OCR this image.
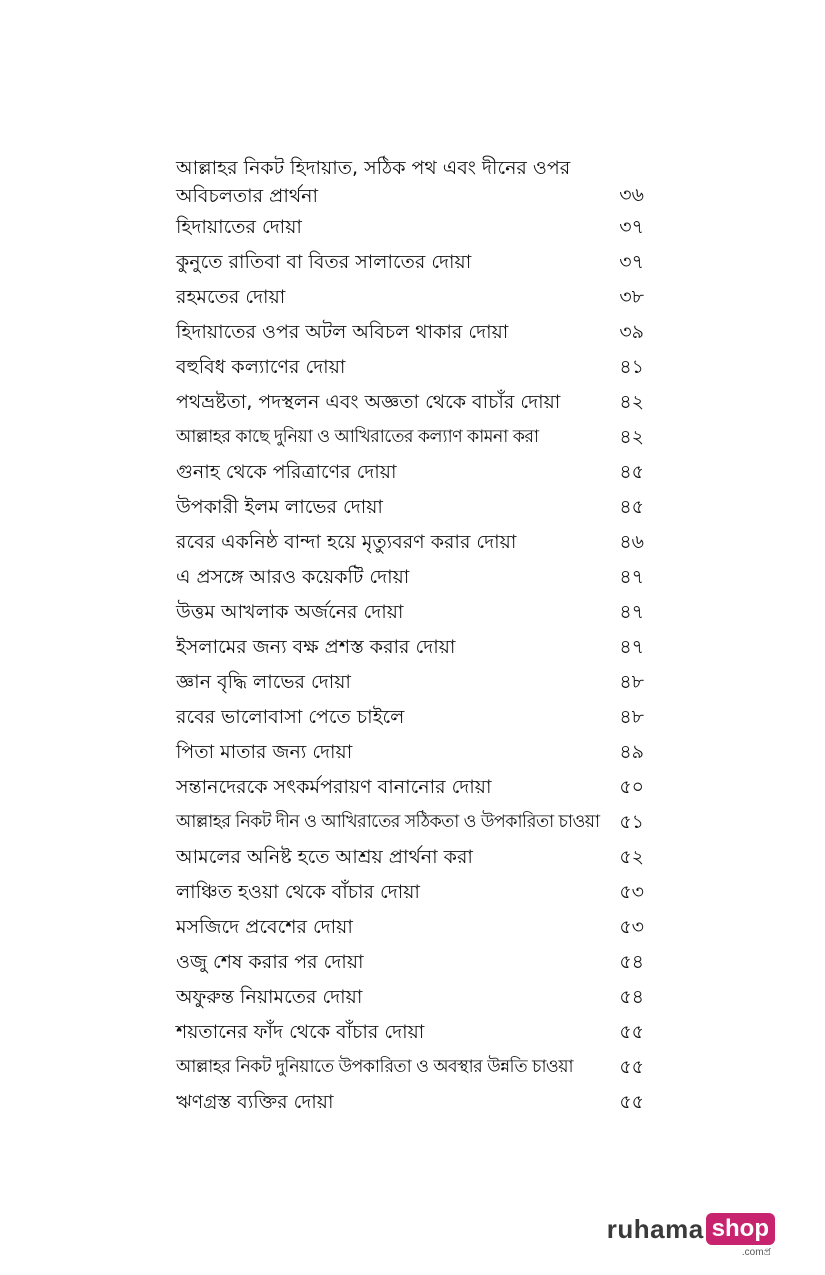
আল্লাহর নিকট হিদায়াত, সঠিক পথ এবং দীনের ওপর অবিচলতার প্রার্থনা	৩৬
হিদায়াতের দোয়া	৩৭
কুনুতে রাতিবা বা বিতর সালাতের দোয়া	৩৭
রহমতের দোয়া	৩৮
হিদায়াতের ওপর অটল অবিচল থাকার দোয়া	৩৯
বহুবিধ কল্যাণের দোয়া	৪১
পথভ্রষ্টতা, পদস্থলন এবং অজ্ঞতা থেকে বাচাঁর দোয়া	৪২
আল্লাহর কাছে দুনিয়া ও আখিরাতের কল্যাণ কামনা করা	৪২
গুনাহ থেকে পরিত্রাণের দোয়া	৪৫
উপকারী ইলম লাভের দোয়া	৪৫
রবের একনিষ্ঠ বান্দা হয়ে মৃত্যুবরণ করার দোয়া	৪৬
এ প্রসঙ্গে আরও কয়েকটি দোয়া	৪৭
উত্তম আখলাক অর্জনের দোয়া	৪৭
ইসলামের জন্য বক্ষ প্রশস্ত করার দোয়া	৪৭
জ্ঞান বৃদ্ধি লাভের দোয়া	৪৮
রবের ভালোবাসা পেতে চাইলে	৪৮
পিতা মাতার জন্য দোয়া	৪৯
সন্তানদেরকে সৎকর্মপরায়ণ বানানোর দোয়া	৫০
আল্লাহর নিকট দীন ও আখিরাতের সঠিকতা ও উপকারিতা চাওয়া ৫১
আমলের অনিষ্ট হতে আশ্রয় প্রার্থনা করা	৫২
লাঞ্চিত হওয়া থেকে বাঁচার দোয়া	৫৩
মসজিদে প্রবেশের দোয়া	৫৩
ওজু শেষ করার পর দোয়া	৫৪
অফুরুন্ত নিয়ামতের দোয়া	৫৪
শয়তানের ফাঁদ থেকে বাঁচার দোয়া	৫৫
আল্লাহর নিকট দুনিয়াতে উপকারিতা ও অবস্থার উন্নতি চাওয়া ৫৫
ঋণগ্রস্ত ব্যক্তির দোয়া	৫৫
ruhama shop
.comপ্র
